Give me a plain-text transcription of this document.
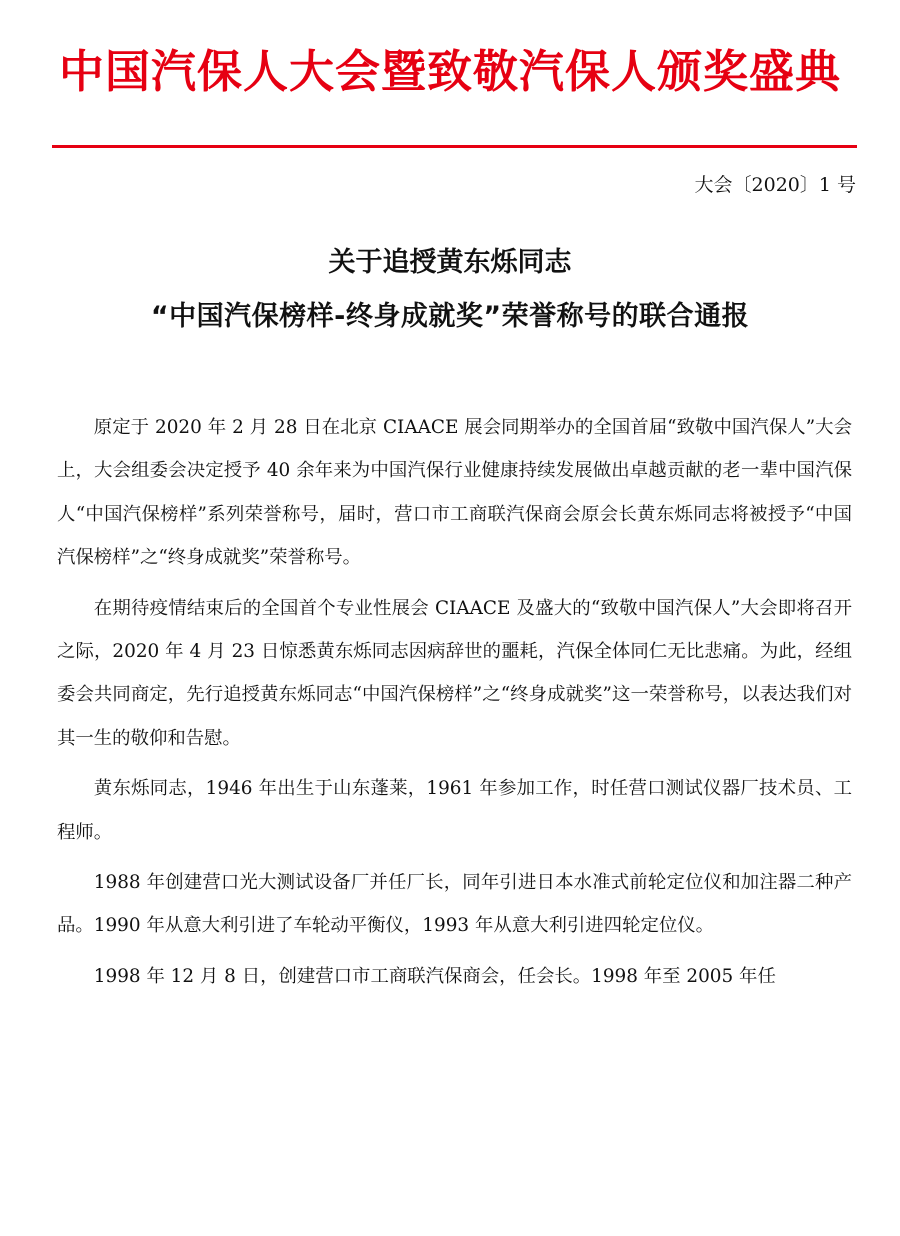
中国汽保人大会暨致敬汽保人颁奖盛典
大会〔2020〕1 号
关于追授黄东烁同志
“中国汽保榜样-终身成就奖”荣誉称号的联合通报

原定于 2020 年 2 月 28 日在北京 CIAACE 展会同期举办的全国首届“致敬中国汽保人”大会上，大会组委会决定授予 40 余年来为中国汽保行业健康持续发展做出卓越贡献的老一辈中国汽保人“中国汽保榜样”系列荣誉称号，届时，营口市工商联汽保商会原会长黄东烁同志将被授予“中国汽保榜样”之“终身成就奖”荣誉称号。

在期待疫情结束后的全国首个专业性展会 CIAACE 及盛大的“致敬中国汽保人”大会即将召开之际，2020 年 4 月 23 日惊悉黄东烁同志因病辞世的噩耗，汽保全体同仁无比悲痛。为此，经组委会共同商定，先行追授黄东烁同志“中国汽保榜样”之“终身成就奖”这一荣誉称号，以表达我们对其一生的敬仰和告慰。

黄东烁同志，1946 年出生于山东蓬莱，1961 年参加工作，时任营口测试仪器厂技术员、工程师。

1988 年创建营口光大测试设备厂并任厂长，同年引进日本水准式前轮定位仪和加注器二种产品。1990 年从意大利引进了车轮动平衡仪，1993 年从意大利引进四轮定位仪。

1998 年 12 月 8 日，创建营口市工商联汽保商会，任会长。1998 年至 2005 年任
